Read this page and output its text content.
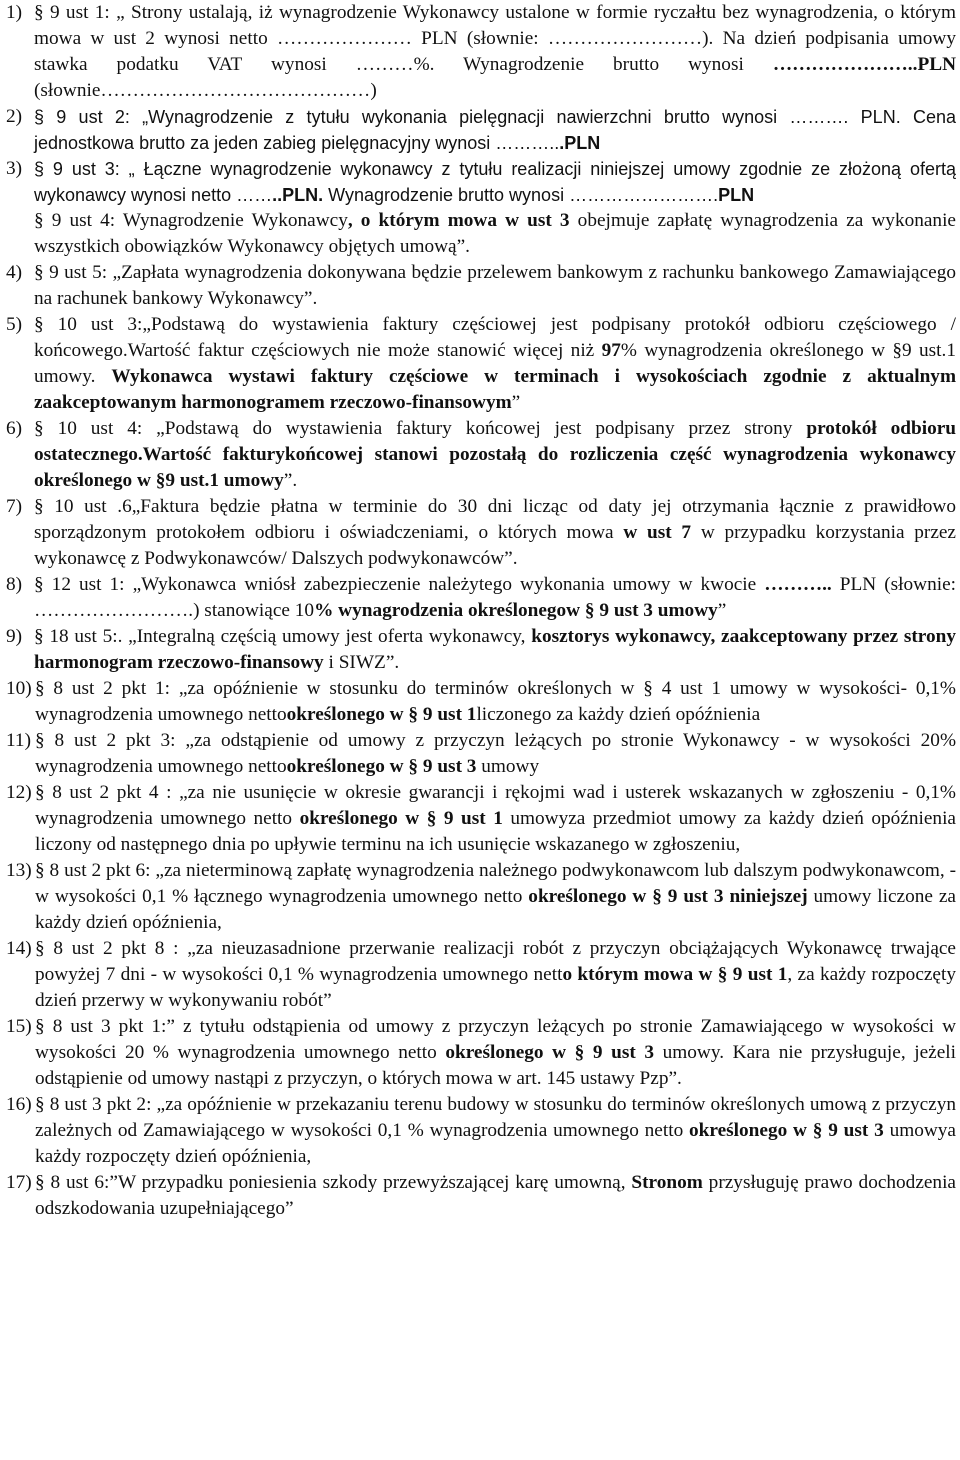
1) § 9 ust 1: „ Strony ustalają, iż wynagrodzenie Wykonawcy ustalone w formie ryczałtu bez wynagrodzenia, o którym mowa w ust 2 wynosi netto ………………… PLN (słownie: ……………………). Na dzień podpisania umowy stawka podatku VAT wynosi ………%. Wynagrodzenie brutto wynosi …………………..PLN (słownie……………………………………)
2) § 9 ust 2: „Wynagrodzenie z tytułu wykonania pielęgnacji nawierzchni brutto wynosi ………. PLN. Cena jednostkowa brutto za jeden zabieg pielęgnacyjny wynosi ………...PLN
3) § 9 ust 3: „ Łączne wynagrodzenie wykonawcy z tytułu realizacji niniejszej umowy zgodnie ze złożoną ofertą wykonawcy wynosi netto ……..PLN. Wynagrodzenie brutto wynosi …………………….PLN
§ 9 ust 4: Wynagrodzenie Wykonawcy, o którym mowa w ust 3 obejmuje zapłatę wynagrodzenia za wykonanie wszystkich obowiązków Wykonawcy objętych umową”.
4) § 9 ust 5: „Zapłata wynagrodzenia dokonywana będzie przelewem bankowym z rachunku bankowego Zamawiającego na rachunek bankowy Wykonawcy”.
5) § 10 ust 3:„Podstawą do wystawienia faktury częściowej jest podpisany protokół odbioru częściowego / końcowego.Wartość faktur częściowych nie może stanowić więcej niż 97% wynagrodzenia określonego w §9 ust.1 umowy. Wykonawca wystawi faktury częściowe w terminach i wysokościach zgodnie z aktualnym zaakceptowanym harmonogramem rzeczowo-finansowym”
6) § 10 ust 4: „Podstawą do wystawienia faktury końcowej jest podpisany przez strony protokół odbioru ostatecznego.Wartość fakturykońcowej stanowi pozostałą do rozliczenia część wynagrodzenia wykonawcy określonego w §9 ust.1 umowy”.
7) § 10 ust .6„Faktura będzie płatna w terminie do 30 dni licząc od daty jej otrzymania łącznie z prawidłowo sporządzonym protokołem odbioru i oświadczeniami, o których mowa w ust 7 w przypadku korzystania przez wykonawcę z Podwykonawców/ Dalszych podwykonawców”.
8) § 12 ust 1: „Wykonawca wniósł zabezpieczenie należytego wykonania umowy w kwocie ……….. PLN (słownie: …………………….) stanowiące 10% wynagrodzenia określonegow § 9 ust 3 umowy”
9) § 18 ust 5:. „Integralną częścią umowy jest oferta wykonawcy, kosztorys wykonawcy, zaakceptowany przez strony harmonogram rzeczowo-finansowy i SIWZ”.
10) § 8 ust 2 pkt 1: „za opóźnienie w stosunku do terminów określonych w § 4 ust 1 umowy w wysokości- 0,1% wynagrodzenia umownego nettookreślonego w § 9 ust 1liczonego za każdy dzień opóźnienia
11) § 8 ust 2 pkt 3: „za odstąpienie od umowy z przyczyn leżących po stronie Wykonawcy - w wysokości 20% wynagrodzenia umownego nettookreślonego w § 9 ust 3 umowy
12) § 8 ust 2 pkt 4 : „za nie usunięcie w okresie gwarancji i rękojmi wad i usterek wskazanych w zgłoszeniu - 0,1% wynagrodzenia umownego netto określonego w § 9 ust 1 umowyza przedmiot umowy za każdy dzień opóźnienia liczony od następnego dnia po upływie terminu na ich usunięcie wskazanego w zgłoszeniu,
13) § 8 ust 2 pkt 6: „za nieterminową zapłatę wynagrodzenia należnego podwykonawcom lub dalszym podwykonawcom, - w wysokości 0,1 % łącznego wynagrodzenia umownego netto określonego w § 9 ust 3 niniejszej umowy liczone za każdy dzień opóźnienia,
14) § 8 ust 2 pkt 8 : „za nieuzasadnione przerwanie realizacji robót z przyczyn obciążających Wykonawcę trwające powyżej 7 dni - w wysokości 0,1 % wynagrodzenia umownego netto którym mowa w § 9 ust 1, za każdy rozpoczęty dzień przerwy w wykonywaniu robót”
15) § 8 ust 3 pkt 1:” z tytułu odstąpienia od umowy z przyczyn leżących po stronie Zamawiającego w wysokości w wysokości 20 % wynagrodzenia umownego netto określonego w § 9 ust 3 umowy. Kara nie przysługuje, jeżeli odstąpienie od umowy nastąpi z przyczyn, o których mowa w art. 145 ustawy Pzp”.
16) § 8 ust 3 pkt 2: „za opóźnienie w przekazaniu terenu budowy w stosunku do terminów określonych umową z przyczyn zależnych od Zamawiającego w wysokości 0,1 % wynagrodzenia umownego netto określonego w § 9 ust 3 umowya każdy rozpoczęty dzień opóźnienia,
17) § 8 ust 6:”W przypadku poniesienia szkody przewyższającej karę umowną, Stronom przysługuję prawo dochodzenia odszkodowania uzupełniającego”
